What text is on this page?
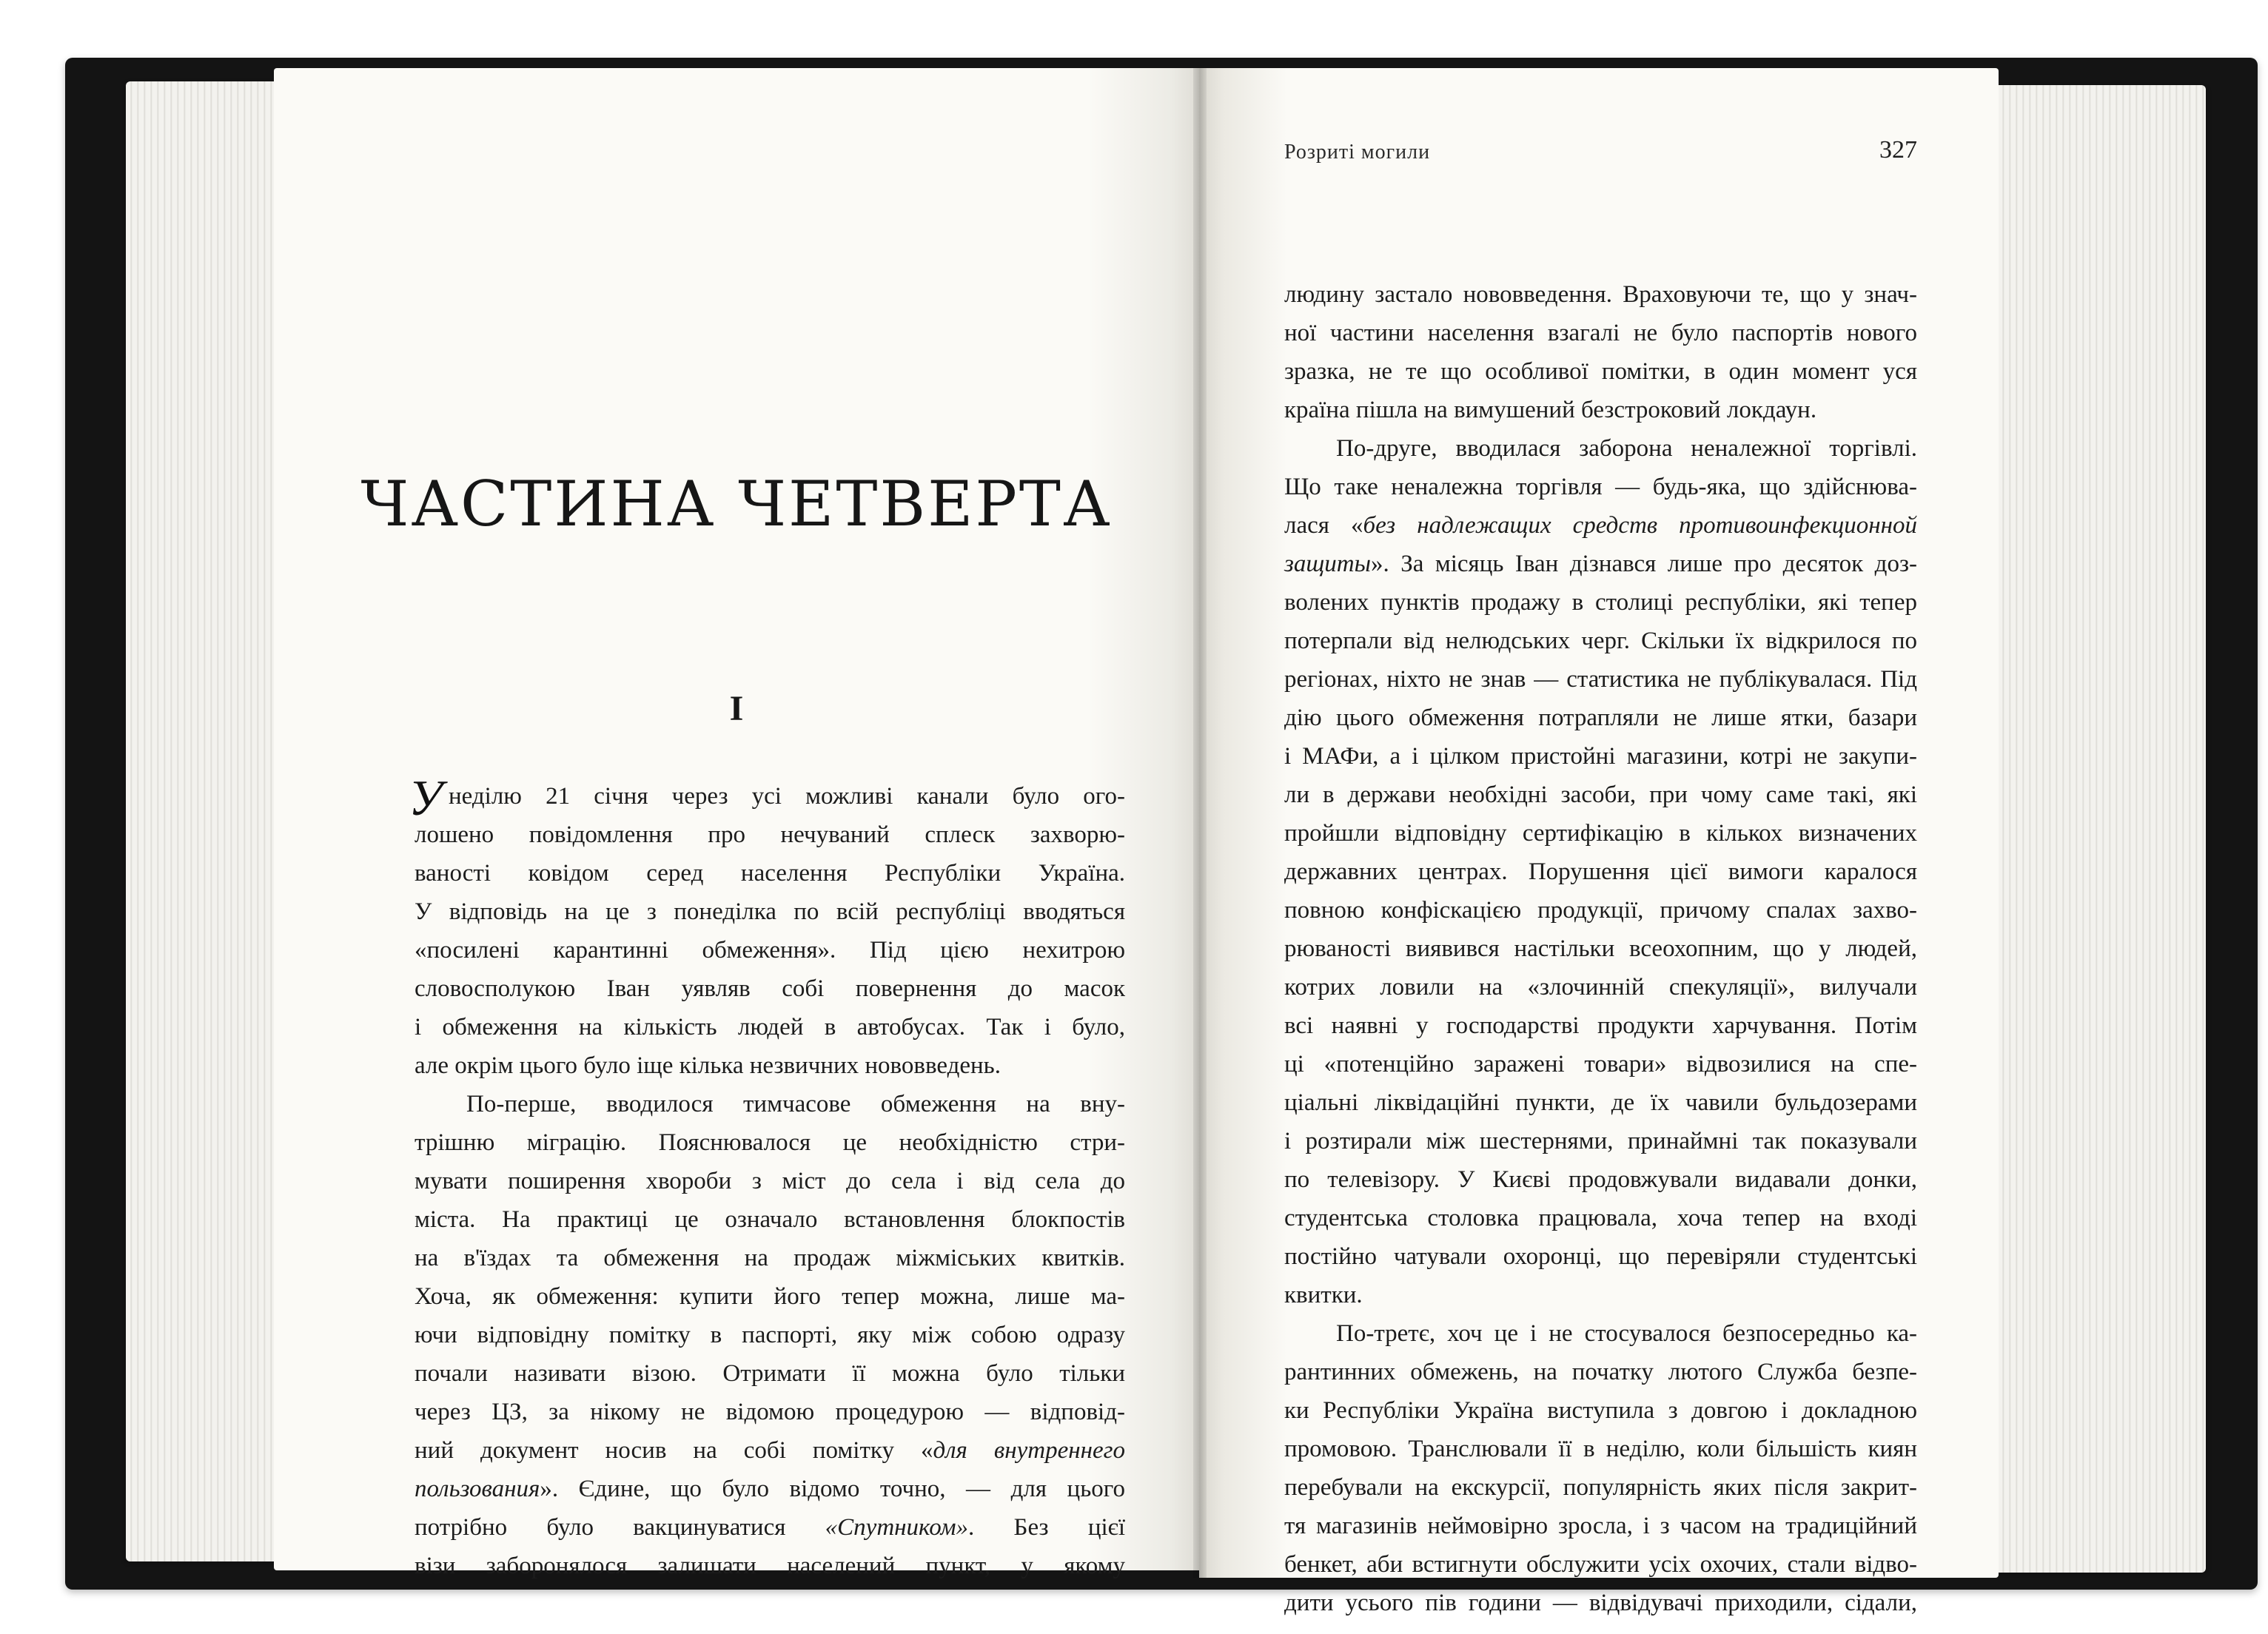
ЧАСТИНА ЧЕТВЕРТА
I
У неділю 21 січня через усі можливі канали було ого-
лошено повідомлення про нечуваний сплеск захворю-
ваності ковідом серед населення Республіки Україна.
У відповідь на це з понеділка по всій республіці вводяться
«посилені карантинні обмеження». Під цією нехитрою
словосполукою Іван уявляв собі повернення до масок
і обмеження на кількість людей в автобусах. Так і було,
але окрім цього було іще кілька незвичних нововведень.
По-перше, вводилося тимчасове обмеження на вну-
трішню міграцію. Пояснювалося це необхідністю стри-
мувати поширення хвороби з міст до села і від села до
міста. На практиці це означало встановлення блокпостів
на в'їздах та обмеження на продаж міжміських квитків.
Хоча, як обмеження: купити його тепер можна, лише ма-
ючи відповідну помітку в паспорті, яку між собою одразу
почали називати візою. Отримати її можна було тільки
через ЦЗ, за нікому не відомою процедурою — відповід-
ний документ носив на собі помітку «для внутреннего
пользования». Єдине, що було відомо точно, — для цього
потрібно було вакцинуватися «Спутником». Без цієї
візи заборонялося залишати населений пункт, у якому
Розриті могили	327
людину застало нововведення. Враховуючи те, що у знач-
ної частини населення взагалі не було паспортів нового
зразка, не те що особливої помітки, в один момент уся
країна пішла на вимушений безстроковий локдаун.
По-друге, вводилася заборона неналежної торгівлі.
Що таке неналежна торгівля — будь-яка, що здійснюва-
лася «без надлежащих средств противоинфекционной
защиты». За місяць Іван дізнався лише про десяток доз-
волених пунктів продажу в столиці республіки, які тепер
потерпали від нелюдських черг. Скільки їх відкрилося по
регіонах, ніхто не знав — статистика не публікувалася. Під
дію цього обмеження потрапляли не лише ятки, базари
і МАФи, а і цілком пристойні магазини, котрі не закупи-
ли в держави необхідні засоби, при чому саме такі, які
пройшли відповідну сертифікацію в кількох визначених
державних центрах. Порушення цієї вимоги каралося
повною конфіскацією продукції, причому спалах захво-
рюваності виявився настільки всеохопним, що у людей,
котрих ловили на «злочинній спекуляції», вилучали
всі наявні у господарстві продукти харчування. Потім
ці «потенційно заражені товари» відвозилися на спе-
ціальні ліквідаційні пункти, де їх чавили бульдозерами
і розтирали між шестернями, принаймні так показували
по телевізору. У Києві продовжували видавали донки,
студентська столовка працювала, хоча тепер на вході
постійно чатували охоронці, що перевіряли студентські
квитки.
По-третє, хоч це і не стосувалося безпосередньо ка-
рантинних обмежень, на початку лютого Служба безпе-
ки Республіки Україна виступила з довгою і докладною
промовою. Транслювали її в неділю, коли більшість киян
перебували на екскурсії, популярність яких після закрит-
тя магазинів неймовірно зросла, і з часом на традиційний
бенкет, аби встигнути обслужити усіх охочих, стали відво-
дити усього пів години — відвідувачі приходили, сідали,
